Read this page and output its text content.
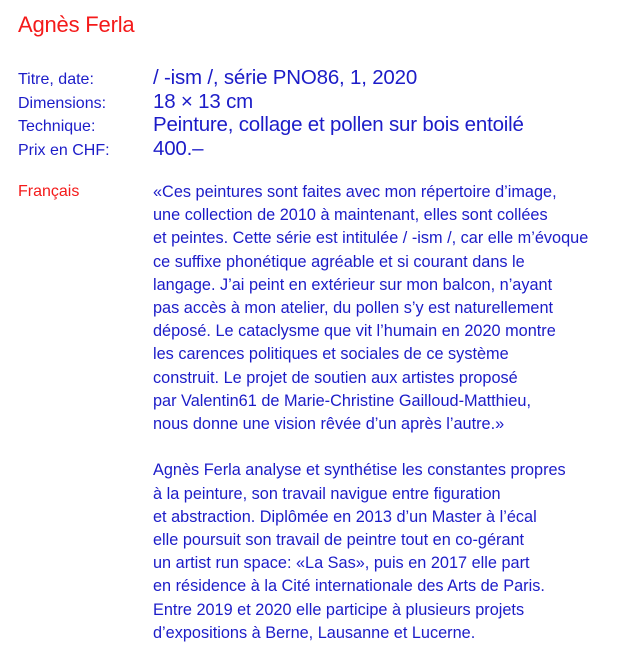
Agnès Ferla
Titre, date:	/ -ism /, série PNO86, 1, 2020
Dimensions:	18 × 13 cm
Technique:	Peinture, collage et pollen sur bois entoilé
Prix en CHF:	400.–
Français	«Ces peintures sont faites avec mon répertoire d’image,
une collection de 2010 à maintenant, elles sont collées
et peintes. Cette série est intitulée / -ism /, car elle m’évoque
ce suffixe phonétique agréable et si courant dans le
langage. J’ai peint en extérieur sur mon balcon, n’ayant
pas accès à mon atelier, du pollen s’y est naturellement
déposé. Le cataclysme que vit l’humain en 2020 montre
les carences politiques et sociales de ce système
construit. Le projet de soutien aux artistes proposé
par Valentin61 de Marie-Christine Gailloud-Matthieu,
nous donne une vision rêvée d’un après l’autre.»
Agnès Ferla analyse et synthétise les constantes propres
à la peinture, son travail navigue entre figuration
et abstraction. Diplômée en 2013 d’un Master à l’écal
elle poursuit son travail de peintre tout en co-gérant
un artist run space: «La Sas», puis en 2017 elle part
en résidence à la Cité internationale des Arts de Paris.
Entre 2019 et 2020 elle participe à plusieurs projets
d’expositions à Berne, Lausanne et Lucerne.
